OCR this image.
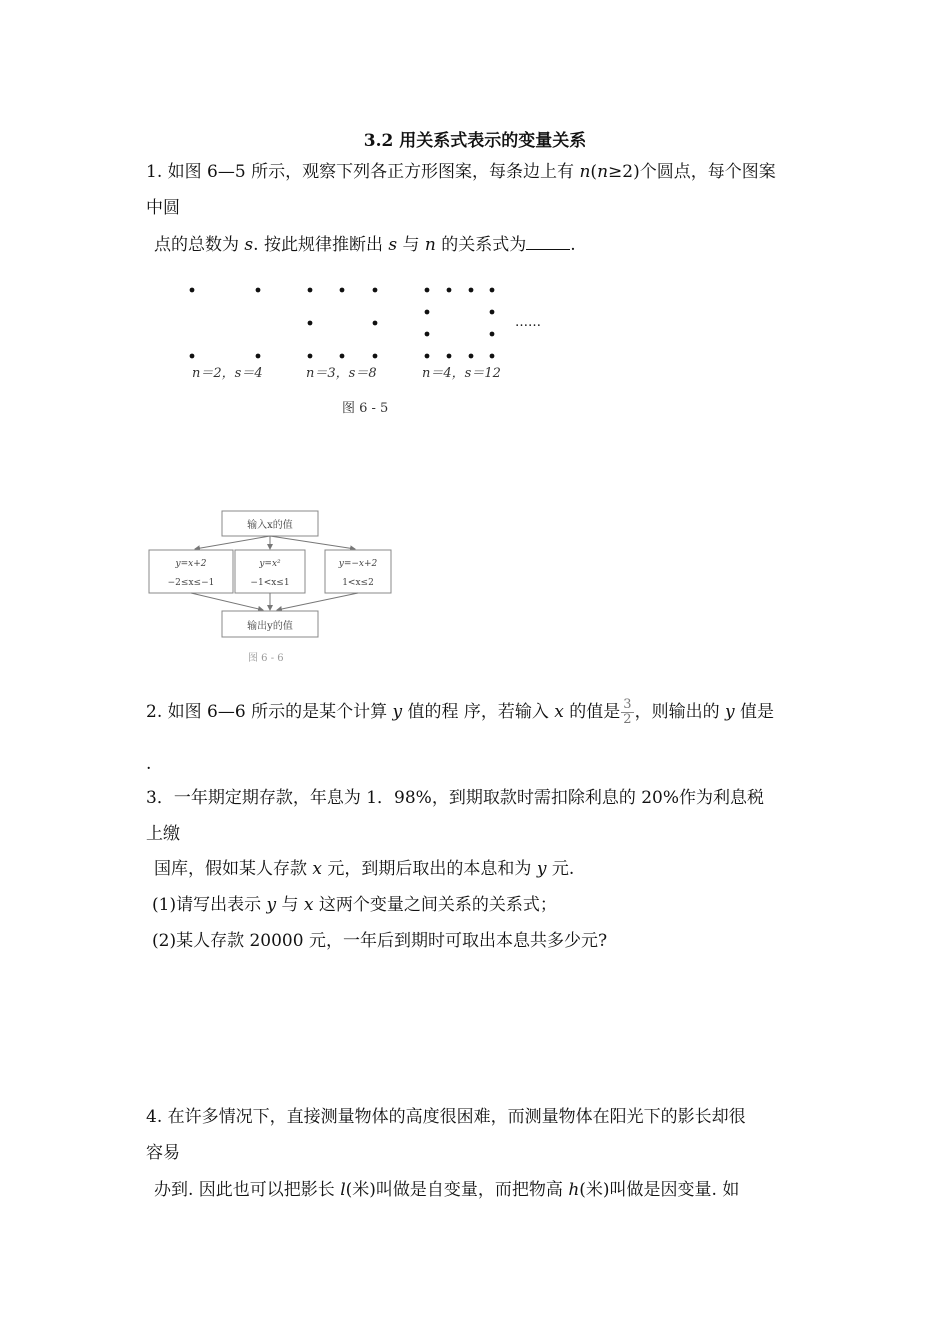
3.2 用关系式表示的变量关系
1. 如图 6—5 所示，观察下列各正方形图案，每条边上有 n(n≥2)个圆点，每个图案
中圆
点的总数为 s. 按此规律推断出 s 与 n 的关系式为	.
……
n＝2，s＝4	n＝3，s＝8	n＝4，s＝12
图 6 - 5
输入x的值
y=x+2
−2≤x≤−1
y=x²
−1<x≤1
y=−x+2
1<x≤2
输出y的值
图 6 - 6
2. 如图 6—6 所示的是某个计算 y 值的程 序，若输入 x 的值是 $\frac{3}{2}$ ，则输出的 y 值是
.
3．一年期定期存款，年息为 1．98%，到期取款时需扣除利息的 20%作为利息税
上缴
国库，假如某人存款 x 元，到期后取出的本息和为 y 元.
(1)请写出表示 y 与 x 这两个变量之间关系的关系式；
(2)某人存款 20000 元，一年后到期时可取出本息共多少元?
4. 在许多情况下，直接测量物体的高度很困难，而测量物体在阳光下的影长却很
容易
办到. 因此也可以把影长 l(米)叫做是自变量，而把物高 h(米)叫做是因变量. 如
